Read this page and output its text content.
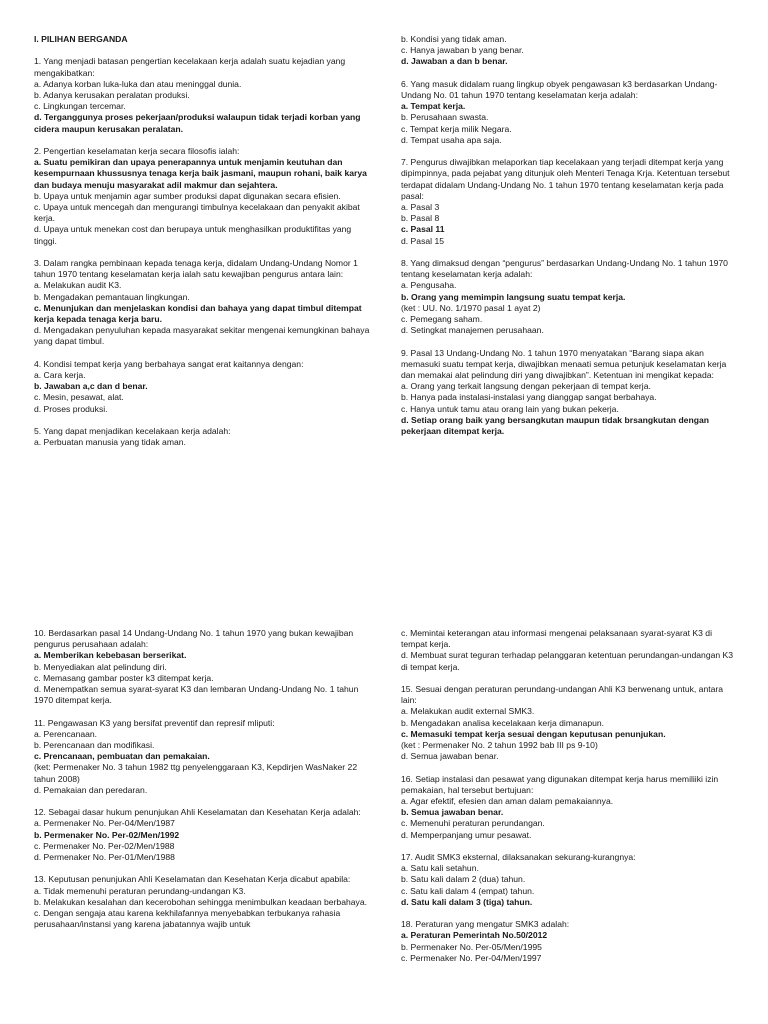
I. PILIHAN BERGANDA
1. Yang menjadi batasan pengertian kecelakaan kerja adalah suatu kejadian yang mengakibatkan:
a. Adanya korban luka-luka dan atau meninggal dunia.
b. Adanya kerusakan peralatan produksi.
c. Lingkungan tercemar.
d. Terganggunya proses pekerjaan/produksi walaupun tidak terjadi korban yang cidera maupun kerusakan peralatan.
2. Pengertian keselamatan kerja secara filosofis ialah:
a. Suatu pemikiran dan upaya penerapannya untuk menjamin keutuhan dan kesempurnaan khussusnya tenaga kerja baik jasmani, maupun rohani, baik karya dan budaya menuju masyarakat adil makmur dan sejahtera.
b. Upaya untuk menjamin agar sumber produksi dapat digunakan secara efisien.
c. Upaya untuk mencegah dan mengurangi timbulnya kecelakaan dan penyakit akibat kerja.
d. Upaya untuk menekan cost dan berupaya untuk menghasilkan produktifitas yang tinggi.
3. Dalam rangka pembinaan kepada tenaga kerja, didalam Undang-Undang Nomor 1 tahun 1970 tentang keselamatan kerja ialah satu kewajiban pengurus antara lain:
a. Melakukan audit K3.
b. Mengadakan pemantauan lingkungan.
c. Menunjukan dan menjelaskan kondisi dan bahaya yang dapat timbul ditempat kerja kepada tenaga kerja baru.
d. Mengadakan penyuluhan kepada masyarakat sekitar mengenai kemungkinan bahaya yang dapat timbul.
4. Kondisi tempat kerja yang berbahaya sangat erat kaitannya dengan:
a. Cara kerja.
b. Jawaban a,c dan d benar.
c. Mesin, pesawat, alat.
d. Proses produksi.
5. Yang dapat menjadikan kecelakaan kerja adalah:
a. Perbuatan manusia yang tidak aman.
b. Kondisi yang tidak aman.
c. Hanya jawaban b yang benar.
d. Jawaban a dan b benar.
6. Yang masuk didalam ruang lingkup obyek pengawasan k3 berdasarkan Undang-Undang No. 01 tahun 1970 tentang keselamatan kerja adalah:
a. Tempat kerja.
b. Perusahaan swasta.
c. Tempat kerja milik Negara.
d. Tempat usaha apa saja.
7. Pengurus diwajibkan melaporkan tiap kecelakaan yang terjadi ditempat kerja yang dipimpinnya, pada pejabat yang ditunjuk oleh Menteri Tenaga Krja. Ketentuan tersebut terdapat didalam Undang-Undang No. 1 tahun 1970 tentang keselamatan kerja pada pasal:
a. Pasal 3
b. Pasal 8
c. Pasal 11
d. Pasal 15
8. Yang dimaksud dengan “pengurus” berdasarkan Undang-Undang No. 1 tahun 1970 tentang keselamatan kerja adalah:
a. Pengusaha.
b. Orang yang memimpin langsung suatu tempat kerja.
(ket : UU. No. 1/1970 pasal 1 ayat 2)
c. Pemegang saham.
d. Setingkat manajemen perusahaan.
9. Pasal 13 Undang-Undang No. 1 tahun 1970 menyatakan “Barang siapa akan memasuki suatu tempat kerja, diwajibkan menaati semua petunjuk keselamatan kerja dan memakai alat pelindung diri yang diwajibkan”. Ketentuan ini mengikat kepada:
a. Orang yang terkait langsung dengan pekerjaan di tempat kerja.
b. Hanya pada instalasi-instalasi yang dianggap sangat berbahaya.
c. Hanya untuk tamu atau orang lain yang bukan pekerja.
d. Setiap orang baik yang bersangkutan maupun tidak brsangkutan dengan pekerjaan ditempat kerja.
10. Berdasarkan pasal 14 Undang-Undang No. 1 tahun 1970 yang bukan kewajiban pengurus perusahaan adalah:
a. Memberikan kebebasan berserikat.
b. Menyediakan alat pelindung diri.
c. Memasang gambar poster k3 ditempat kerja.
d. Menempatkan semua syarat-syarat K3 dan lembaran Undang-Undang No. 1 tahun 1970 ditempat kerja.
11. Pengawasan K3 yang bersifat preventif dan represif mliputi:
a. Perencanaan.
b. Perencanaan dan modifikasi.
c. Prencanaan, pembuatan dan pemakaian.
(ket: Permenaker No. 3 tahun 1982 ttg penyelenggaraan K3, Kepdirjen WasNaker 22 tahun 2008)
d. Pemakaian dan peredaran.
12. Sebagai dasar hukum penunjukan Ahli Keselamatan dan Kesehatan Kerja adalah:
a. Permenaker No. Per-04/Men/1987
b. Permenaker No. Per-02/Men/1992
c. Permenaker No. Per-02/Men/1988
d. Permenaker No. Per-01/Men/1988
13. Keputusan penunjukan Ahli Keselamatan dan Kesehatan Kerja dicabut apabila:
a. Tidak memenuhi peraturan perundang-undangan K3.
b. Melakukan kesalahan dan kecerobohan sehingga menimbulkan keadaan berbahaya.
c. Dengan sengaja atau karena kekhilafannya menyebabkan terbukanya rahasia perusahaan/instansi yang karena jabatannya wajib untuk
c. Memintai keterangan atau informasi mengenai pelaksanaan syarat-syarat K3 di tempat kerja.
d. Membuat surat teguran terhadap pelanggaran ketentuan perundangan-undangan K3 di tempat kerja.
15. Sesuai dengan peraturan perundang-undangan Ahli K3 berwenang untuk, antara lain:
a. Melakukan audit external SMK3.
b. Mengadakan analisa kecelakaan kerja dimanapun.
c. Memasuki tempat kerja sesuai dengan keputusan penunjukan.
(ket : Permenaker No. 2 tahun 1992 bab III ps 9-10)
d. Semua jawaban benar.
16. Setiap instalasi dan pesawat yang digunakan ditempat kerja harus memiliiki izin pemakaian, hal tersebut bertujuan:
a. Agar efektif, efesien dan aman dalam pemakaiannya.
b. Semua jawaban benar.
c. Memenuhi peraturan perundangan.
d. Memperpanjang umur pesawat.
17. Audit SMK3 eksternal, dilaksanakan sekurang-kurangnya:
a. Satu kali setahun.
b. Satu kali dalam 2 (dua) tahun.
c. Satu kali dalam 4 (empat) tahun.
d. Satu kali dalam 3 (tiga) tahun.
18. Peraturan yang mengatur SMK3 adalah:
a. Peraturan Pemerintah No.50/2012
b. Permenaker No. Per-05/Men/1995
c. Permenaker No. Per-04/Men/1997
